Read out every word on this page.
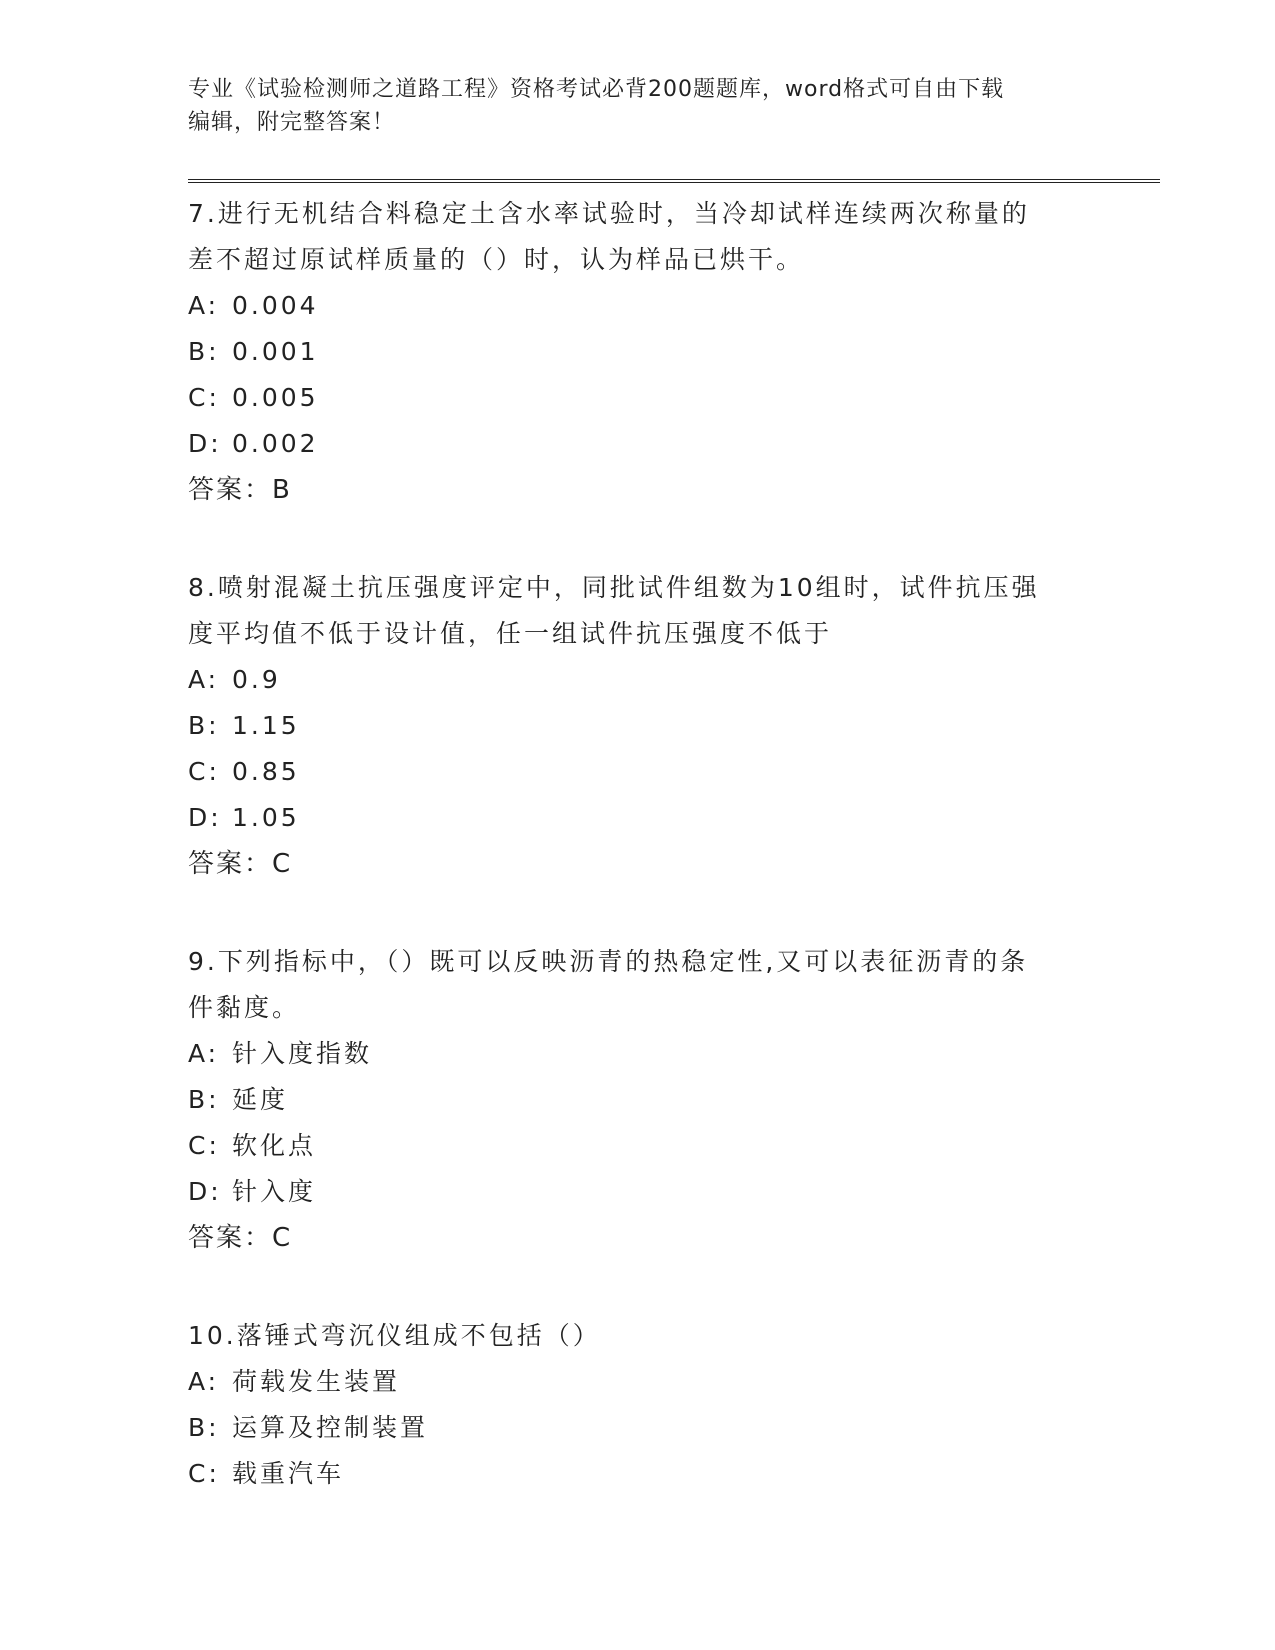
专业《试验检测师之道路工程》资格考试必背200题题库，word格式可自由下载
编辑，附完整答案！
7.进行无机结合料稳定土含水率试验时，当冷却试样连续两次称量的
差不超过原试样质量的（）时，认为样品已烘干。
A: 0.004
B: 0.001
C: 0.005
D: 0.002
答案：B
8.喷射混凝土抗压强度评定中，同批试件组数为10组时，试件抗压强
度平均值不低于设计值，任一组试件抗压强度不低于
A: 0.9
B: 1.15
C: 0.85
D: 1.05
答案：C
9.下列指标中，（）既可以反映沥青的热稳定性,又可以表征沥青的条
件黏度。
A: 针入度指数
B: 延度
C: 软化点
D: 针入度
答案：C
10.落锤式弯沉仪组成不包括（）
A: 荷载发生装置
B: 运算及控制装置
C: 载重汽车
